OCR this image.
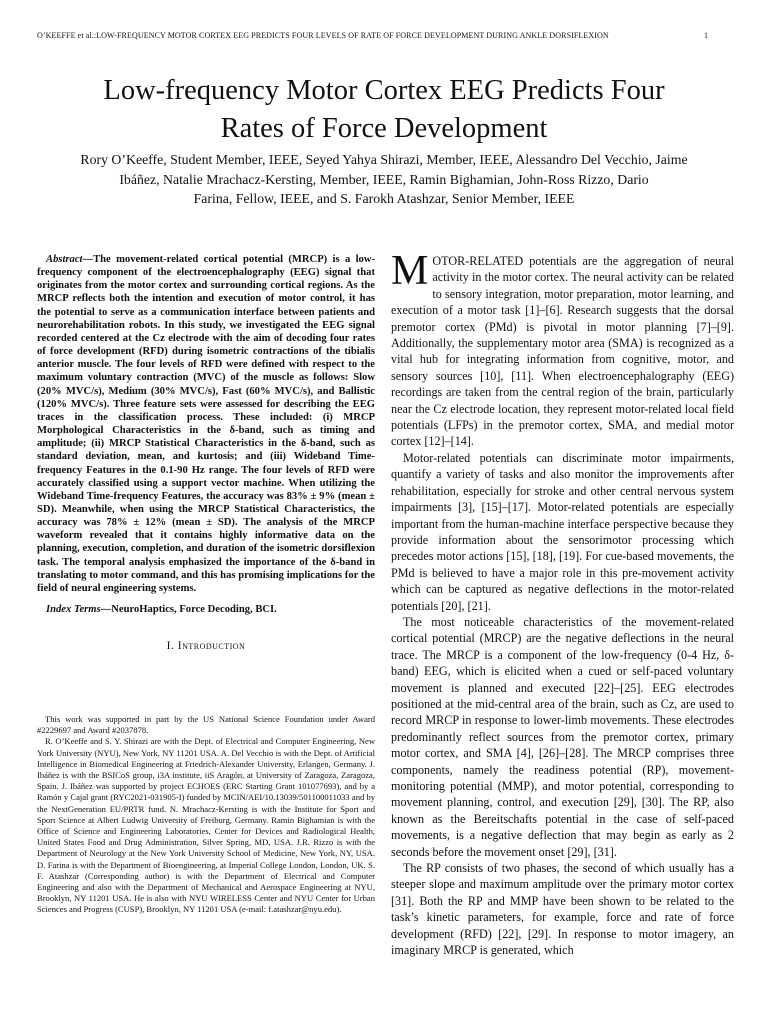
O’KEEFFE et al.:LOW-FREQUENCY MOTOR CORTEX EEG PREDICTS FOUR LEVELS OF RATE OF FORCE DEVELOPMENT DURING ANKLE DORSIFLEXION	1
Low-frequency Motor Cortex EEG Predicts Four
Rates of Force Development
Rory O’Keeffe, Student Member, IEEE, Seyed Yahya Shirazi, Member, IEEE, Alessandro Del Vecchio, Jaime
Ibáñez, Natalie Mrachacz-Kersting, Member, IEEE, Ramin Bighamian, John-Ross Rizzo, Dario
Farina, Fellow, IEEE, and S. Farokh Atashzar, Senior Member, IEEE

Abstract—The movement-related cortical potential (MRCP) is a low-frequency component of the electroencephalography (EEG) signal that originates from the motor cortex and surrounding cortical regions. As the MRCP reflects both the intention and execution of motor control, it has the potential to serve as a communication interface between patients and neurorehabilitation robots. In this study, we investigated the EEG signal recorded centered at the Cz electrode with the aim of decoding four rates of force development (RFD) during isometric contractions of the tibialis anterior muscle. The four levels of RFD were defined with respect to the maximum voluntary contraction (MVC) of the muscle as follows: Slow (20% MVC/s), Medium (30% MVC/s), Fast (60% MVC/s), and Ballistic (120% MVC/s). Three feature sets were assessed for describing the EEG traces in the classification process. These included: (i) MRCP Morphological Characteristics in the δ-band, such as timing and amplitude; (ii) MRCP Statistical Characteristics in the δ-band, such as standard deviation, mean, and kurtosis; and (iii) Wideband Time-frequency Features in the 0.1-90 Hz range. The four levels of RFD were accurately classified using a support vector machine. When utilizing the Wideband Time-frequency Features, the accuracy was 83% ± 9% (mean ± SD). Meanwhile, when using the MRCP Statistical Characteristics, the accuracy was 78% ± 12% (mean ± SD). The analysis of the MRCP waveform revealed that it contains highly informative data on the planning, execution, completion, and duration of the isometric dorsiflexion task. The temporal analysis emphasized the importance of the δ-band in translating to motor command, and this has promising implications for the field of neural engineering systems.

Index Terms—NeuroHaptics, Force Decoding, BCI.

I. Introduction

This work was supported in part by the US National Science Foundation under Award #2229697 and Award #2037878.

R. O’Keeffe and S. Y. Shirazi are with the Dept. of Electrical and Computer Engineering, New York University (NYU), New York, NY 11201 USA. A. Del Vecchio is with the Dept. of Artificial Intelligence in Biomedical Engineering at Friedrich-Alexander University, Erlangen, Germany. J. Ibáñez is with the BSICoS group, i3A institute, iiS Aragón, at University of Zaragoza, Zaragoza, Spain. J. Ibáñez was supported by project ECHOES (ERC Starting Grant 101077693), and by a Ramón y Cajal grant (RYC2021-031905-I) funded by MCIN/AEI/10.13039/501100011033 and by the NextGeneration EU/PRTR fund. N. Mrachacz-Kersting is with the Institute for Sport and Sport Science at Albert Ludwig University of Freiburg, Germany. Ramin Bighamian is with the Office of Science and Engineering Laboratories, Center for Devices and Radiological Health, United States Food and Drug Administration, Silver Spring, MD, USA. J.R. Rizzo is with the Department of Neurology at the New York University School of Medicine, New York, NY, USA. D. Farina is with the Department of Bioengineering, at Imperial College London, London, UK. S. F. Atashzar (Corresponding author) is with the Department of Electrical and Computer Engineering and also with the Department of Mechanical and Aerospace Engineering at NYU, Brooklyn, NY 11201 USA. He is also with NYU WIRELESS Center and NYU Center for Urban Sciences and Progress (CUSP), Brooklyn, NY 11201 USA (e-mail: f.atashzar@nyu.edu).

MOTOR-RELATED potentials are the aggregation of neural activity in the motor cortex. The neural activity can be related to sensory integration, motor preparation, motor learning, and execution of a motor task [1]–[6]. Research suggests that the dorsal premotor cortex (PMd) is pivotal in motor planning [7]–[9]. Additionally, the supplementary motor area (SMA) is recognized as a vital hub for integrating information from cognitive, motor, and sensory sources [10], [11]. When electroencephalography (EEG) recordings are taken from the central region of the brain, particularly near the Cz electrode location, they represent motor-related local field potentials (LFPs) in the premotor cortex, SMA, and medial motor cortex [12]–[14].

Motor-related potentials can discriminate motor impairments, quantify a variety of tasks and also monitor the improvements after rehabilitation, especially for stroke and other central nervous system impairments [3], [15]–[17]. Motor-related potentials are especially important from the human-machine interface perspective because they provide information about the sensorimotor processing which precedes motor actions [15], [18], [19]. For cue-based movements, the PMd is believed to have a major role in this pre-movement activity which can be captured as negative deflections in the motor-related potentials [20], [21].

The most noticeable characteristics of the movement-related cortical potential (MRCP) are the negative deflections in the neural trace. The MRCP is a component of the low-frequency (0-4 Hz, δ-band) EEG, which is elicited when a cued or self-paced voluntary movement is planned and executed [22]–[25]. EEG electrodes positioned at the mid-central area of the brain, such as Cz, are used to record MRCP in response to lower-limb movements. These electrodes predominantly reflect sources from the premotor cortex, primary motor cortex, and SMA [4], [26]–[28]. The MRCP comprises three components, namely the readiness potential (RP), movement-monitoring potential (MMP), and motor potential, corresponding to movement planning, control, and execution [29], [30]. The RP, also known as the Bereitschafts potential in the case of self-paced movements, is a negative deflection that may begin as early as 2 seconds before the movement onset [29], [31].

The RP consists of two phases, the second of which usually has a steeper slope and maximum amplitude over the primary motor cortex [31]. Both the RP and MMP have been shown to be related to the task’s kinetic parameters, for example, force and rate of force development (RFD) [22], [29]. In response to motor imagery, an imaginary MRCP is generated, which
